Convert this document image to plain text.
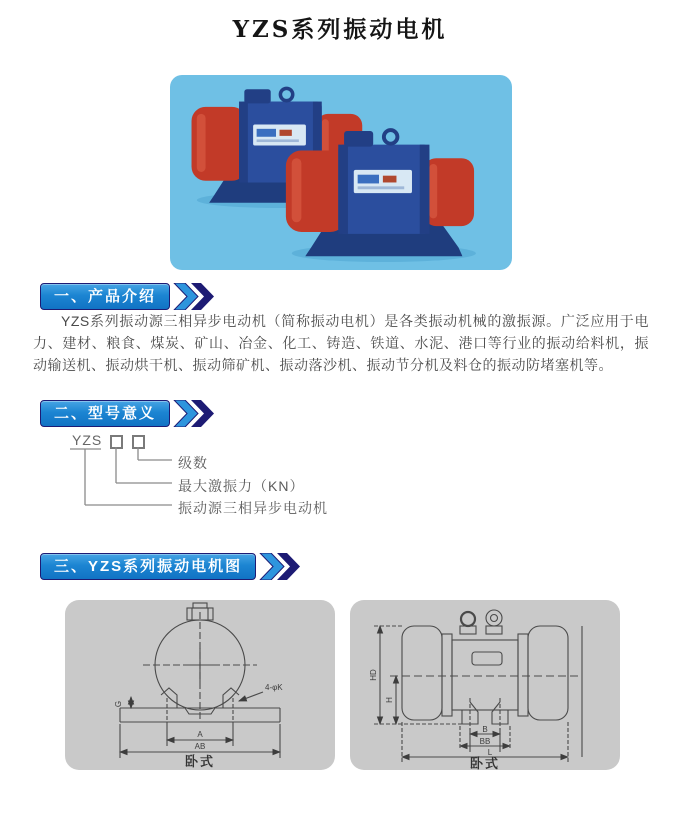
YZS系列振动电机
一、产品介绍

YZS系列振动源三相异步电动机（简称振动电机）是各类振动机械的激振源。广泛应用于电力、建材、粮食、煤炭、矿山、冶金、化工、铸造、铁道、水泥、港口等行业的振动给料机，振动输送机、振动烘干机、振动筛矿机、振动落沙机、振动节分机及料仓的振动防堵塞机等。

二、型号意义
YZS
级数
最大激振力（KN）
振动源三相异步电动机
三、YZS系列振动电机图
G
4-φK
A
AB
卧式
HD
H
B
BB
L
卧式
